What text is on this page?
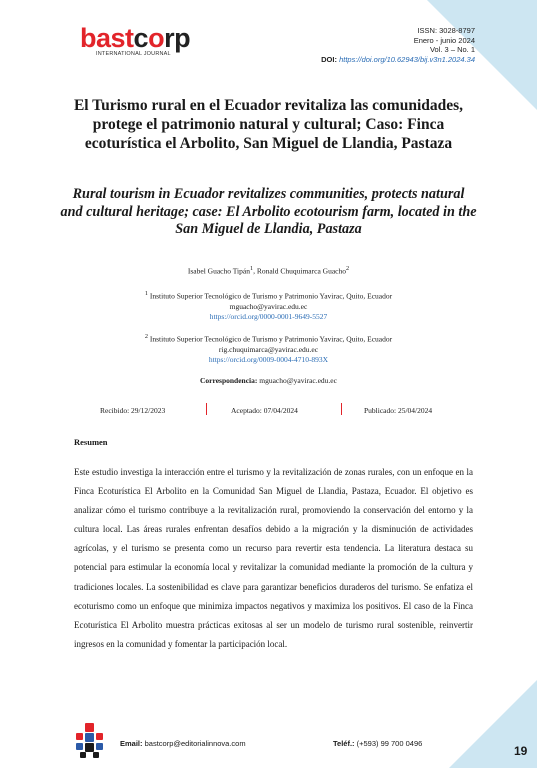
bastcorp
INTERNATIONAL JOURNAL
ISSN: 3028-8797
Enero - junio 2024
Vol. 3 – No. 1
DOI: https://doi.org/10.62943/bij.v3n1.2024.34
El Turismo rural en el Ecuador revitaliza las comunidades, protege el patrimonio natural y cultural; Caso: Finca ecoturística el Arbolito, San Miguel de Llandia, Pastaza
Rural tourism in Ecuador revitalizes communities, protects natural and cultural heritage; case: El Arbolito ecotourism farm, located in the San Miguel de Llandia, Pastaza
Isabel Guacho Tipán$^1$, Ronald Chuquimarca Guacho$^2$
$^1$ Instituto Superior Tecnológico de Turismo y Patrimonio Yavirac, Quito, Ecuador
mguacho@yavirac.edu.ec
https://orcid.org/0000-0001-9649-5527
$^2$ Instituto Superior Tecnológico de Turismo y Patrimonio Yavirac, Quito, Ecuador
rig.chuquimarca@yavirac.edu.ec
https://orcid.org/0009-0004-4710-893X
Correspondencia: mguacho@yavirac.edu.ec
Recibido: 29/12/2023	Aceptado: 07/04/2024	Publicado: 25/04/2024
Resumen
Este estudio investiga la interacción entre el turismo y la revitalización de zonas rurales, con un enfoque en la Finca Ecoturística El Arbolito en la Comunidad San Miguel de Llandia, Pastaza, Ecuador. El objetivo es analizar cómo el turismo contribuye a la revitalización rural, promoviendo la conservación del entorno y la cultura local. Las áreas rurales enfrentan desafíos debido a la migración y la disminución de actividades agrícolas, y el turismo se presenta como un recurso para revertir esta tendencia. La literatura destaca su potencial para estimular la economía local y revitalizar la comunidad mediante la promoción de la cultura y tradiciones locales. La sostenibilidad es clave para garantizar beneficios duraderos del turismo. Se enfatiza el ecoturismo como un enfoque que minimiza impactos negativos y maximiza los positivos. El caso de la Finca Ecoturística El Arbolito muestra prácticas exitosas al ser un modelo de turismo rural sostenible, reinvertir ingresos en la comunidad y fomentar la participación local.
Email: bastcorp@editorialinnova.com	Teléf.: (+593) 99 700 0496
19
